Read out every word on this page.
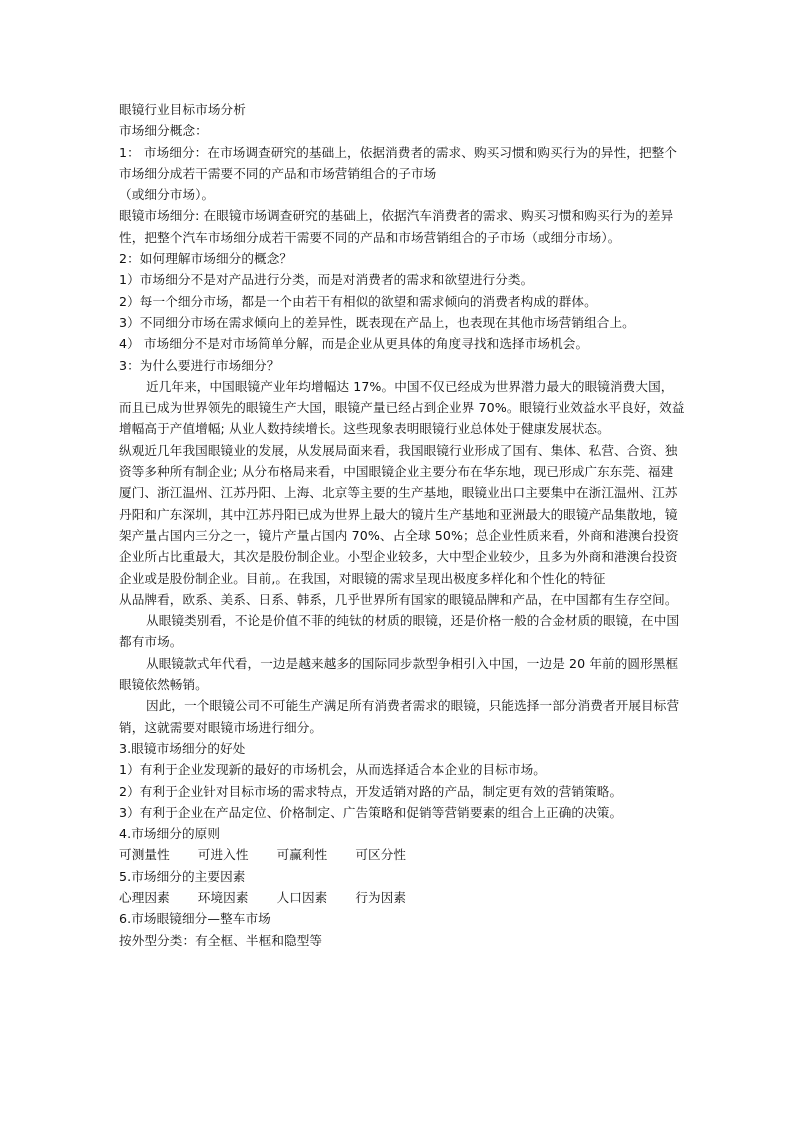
眼镜行业目标市场分析

市场细分概念：

1： 市场细分：在市场调查研究的基础上，依据消费者的需求、购买习惯和购买行为的异性，把整个市场细分成若干需要不同的产品和市场营销组合的子市场

（或细分市场）。

眼镜市场细分: 在眼镜市场调查研究的基础上，依据汽车消费者的需求、购买习惯和购买行为的差异性，把整个汽车市场细分成若干需要不同的产品和市场营销组合的子市场（或细分市场）。

2：如何理解市场细分的概念？

1）市场细分不是对产品进行分类，而是对消费者的需求和欲望进行分类。

2）每一个细分市场，都是一个由若干有相似的欲望和需求倾向的消费者构成的群体。

3）不同细分市场在需求倾向上的差异性，既表现在产品上，也表现在其他市场营销组合上。

4） 市场细分不是对市场简单分解，而是企业从更具体的角度寻找和选择市场机会。

3：为什么要进行市场细分？

近几年来，中国眼镜产业年均增幅达 17%。中国不仅已经成为世界潜力最大的眼镜消费大国，而且已成为世界领先的眼镜生产大国，眼镜产量已经占到企业界 70%。眼镜行业效益水平良好，效益增幅高于产值增幅; 从业人数持续增长。这些现象表明眼镜行业总体处于健康发展状态。

纵观近几年我国眼镜业的发展，从发展局面来看，我国眼镜行业形成了国有、集体、私营、合资、独资等多种所有制企业; 从分布格局来看，中国眼镜企业主要分布在华东地，现已形成广东东莞、福建厦门、浙江温州、江苏丹阳、上海、北京等主要的生产基地，眼镜业出口主要集中在浙江温州、江苏丹阳和广东深圳，其中江苏丹阳已成为世界上最大的镜片生产基地和亚洲最大的眼镜产品集散地，镜架产量占国内三分之一，镜片产量占国内 70%、占全球 50%；总企业性质来看，外商和港澳台投资企业所占比重最大，其次是股份制企业。小型企业较多，大中型企业较少，且多为外商和港澳台投资企业或是股份制企业。目前,。在我国，对眼镜的需求呈现出极度多样化和个性化的特征

从品牌看，欧系、美系、日系、韩系，几乎世界所有国家的眼镜品牌和产品，在中国都有生存空间。

从眼镜类别看，不论是价值不菲的纯钛的材质的眼镜，还是价格一般的合金材质的眼镜，在中国都有市场。

从眼镜款式年代看，一边是越来越多的国际同步款型争相引入中国，一边是 20 年前的圆形黑框眼镜依然畅销。

因此，一个眼镜公司不可能生产满足所有消费者需求的眼镜，只能选择一部分消费者开展目标营销，这就需要对眼镜市场进行细分。

3.眼镜市场细分的好处

1）有利于企业发现新的最好的市场机会，从而选择适合本企业的目标市场。

2）有利于企业针对目标市场的需求特点，开发适销对路的产品，制定更有效的营销策略。

3）有利于企业在产品定位、价格制定、广告策略和促销等营销要素的组合上正确的决策。

4.市场细分的原则

可测量性 可进入性 可赢利性 可区分性

5.市场细分的主要因素

心理因素 环境因素 人口因素 行为因素

6.市场眼镜细分—整车市场

按外型分类：有全框、半框和隐型等
